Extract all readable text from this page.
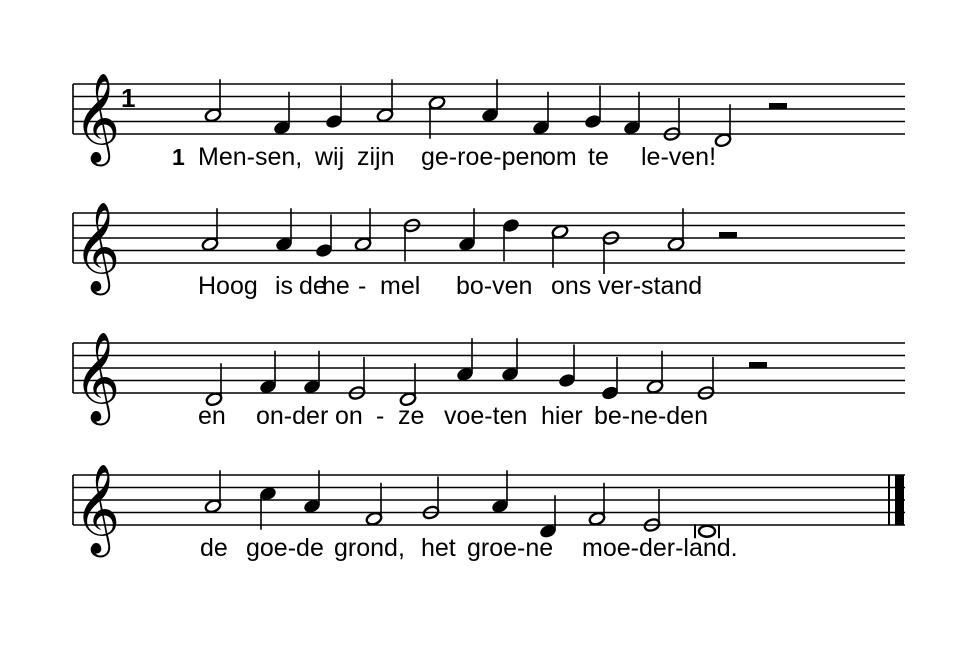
𝄞 1
1
Men-sen, wij zijn ge-roe-pen
om te le-ven!
𝄞	Hoog is de
he - mel bo-ven ons ver-stand
𝄞	en on-der on - ze voe-ten hier be-ne-den
𝄞	de goe-de grond, het groe-ne moe-der-land.
